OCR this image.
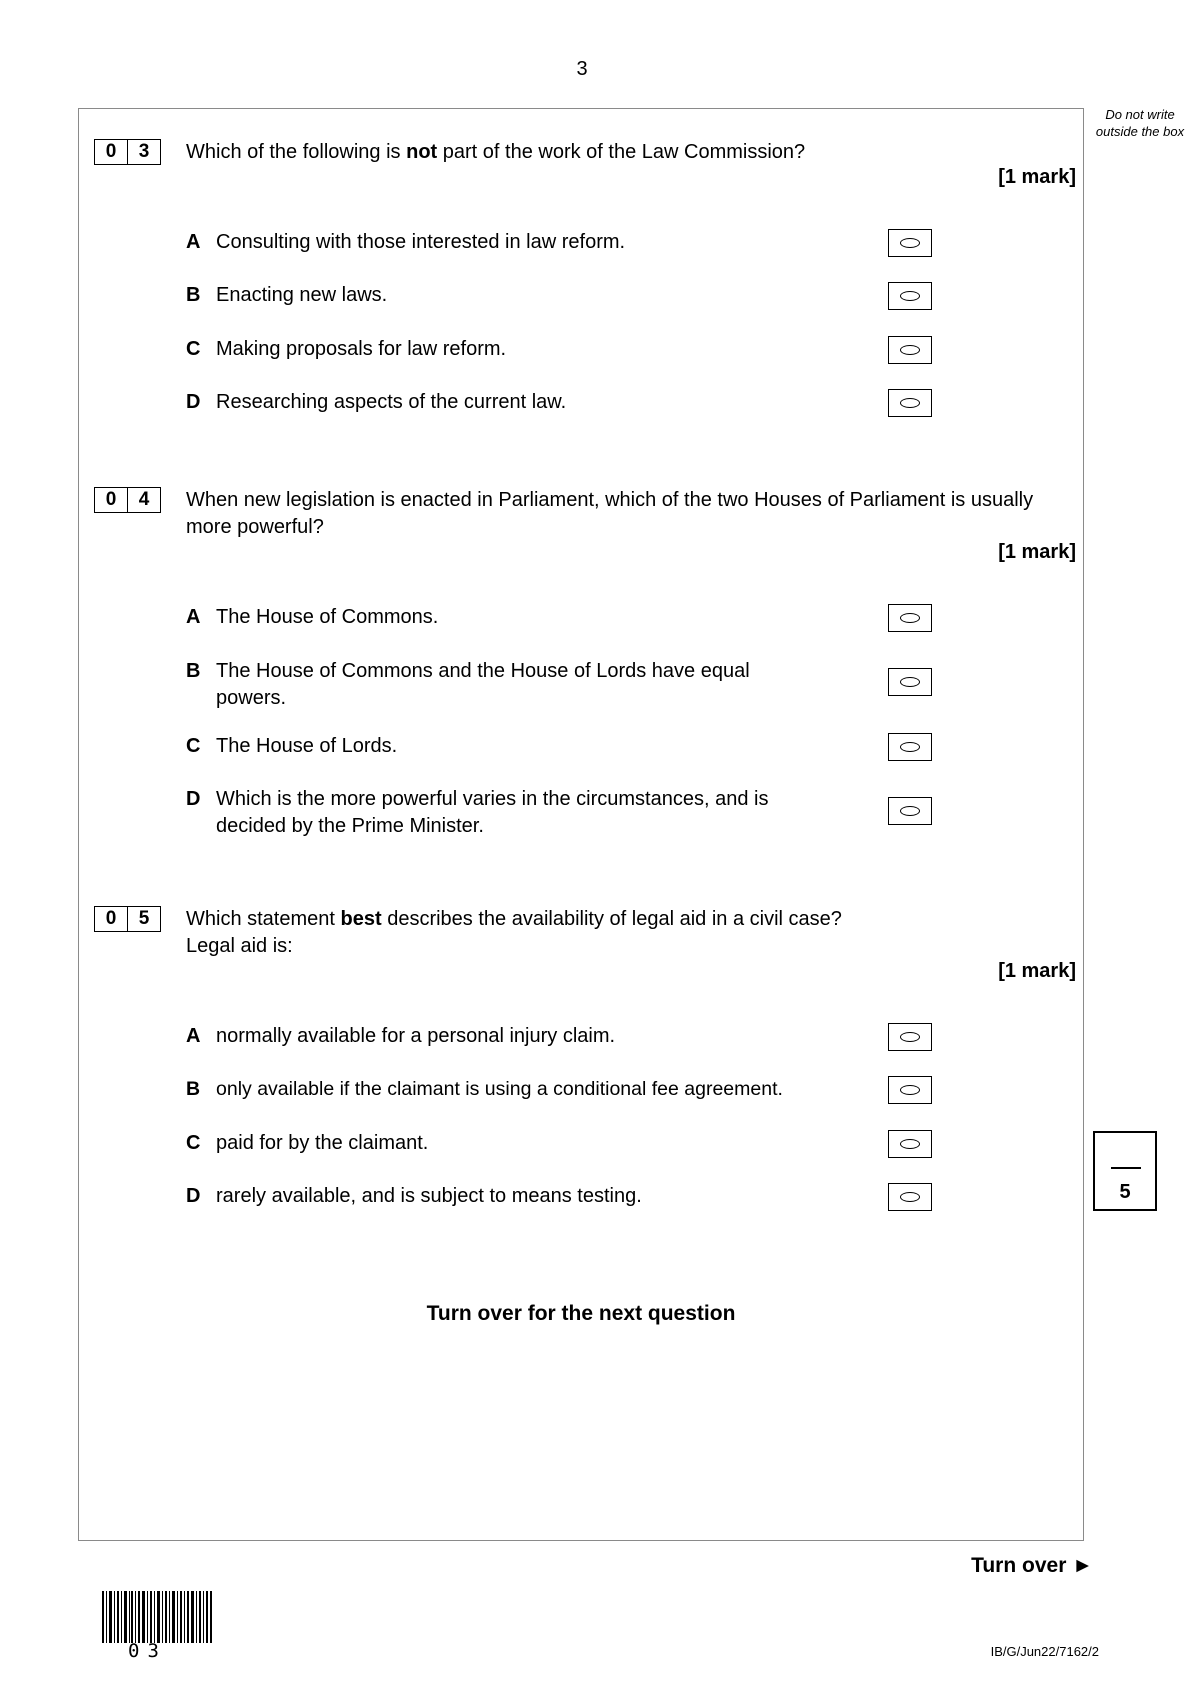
3
Do not write outside the box
0	3	Which of the following is not part of the work of the Law Commission?
[1 mark]
A Consulting with those interested in law reform.
B Enacting new laws.
C Making proposals for law reform.
D Researching aspects of the current law.
0	4	When new legislation is enacted in Parliament, which of the two Houses of Parliament is usually more powerful?
[1 mark]
A The House of Commons.
B The House of Commons and the House of Lords have equal powers.
C The House of Lords.
D Which is the more powerful varies in the circumstances, and is decided by the Prime Minister.
0	5	Which statement best describes the availability of legal aid in a civil case?
Legal aid is:
[1 mark]
A normally available for a personal injury claim.
B only available if the claimant is using a conditional fee agreement.
C paid for by the claimant.
D rarely available, and is subject to means testing.
Turn over for the next question
5
Turn over ►
03	IB/G/Jun22/7162/2
